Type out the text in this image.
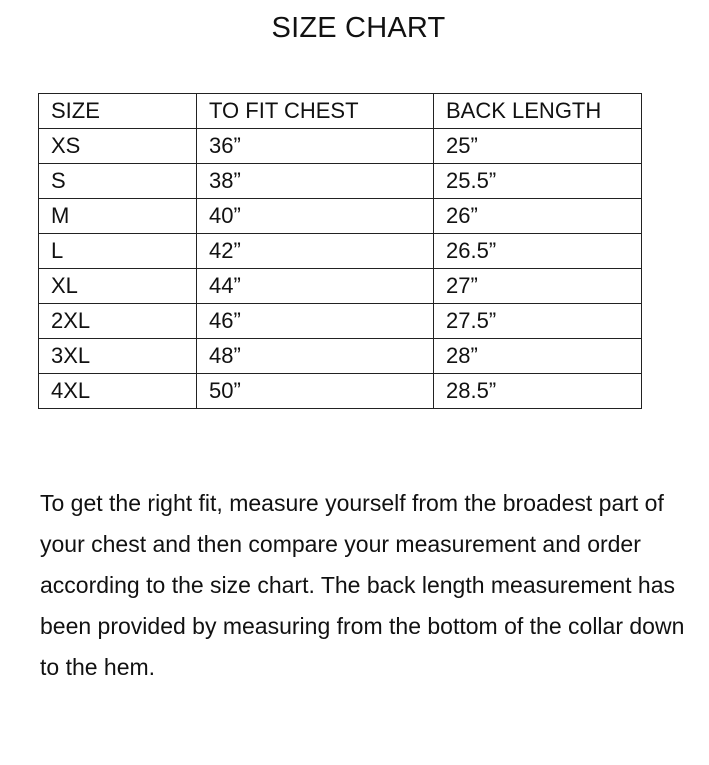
SIZE CHART
SIZE	TO FIT CHEST	BACK LENGTH
XS	36”	25”
S	38”	25.5”
M	40”	26”
L	42”	26.5”
XL	44”	27”
2XL	46”	27.5”
3XL	48”	28”
4XL	50”	28.5”

To get the right fit, measure yourself from the broadest part of your chest and then compare your measurement and order according to the size chart. The back length measurement has been provided by measuring from the bottom of the collar down to the hem.
